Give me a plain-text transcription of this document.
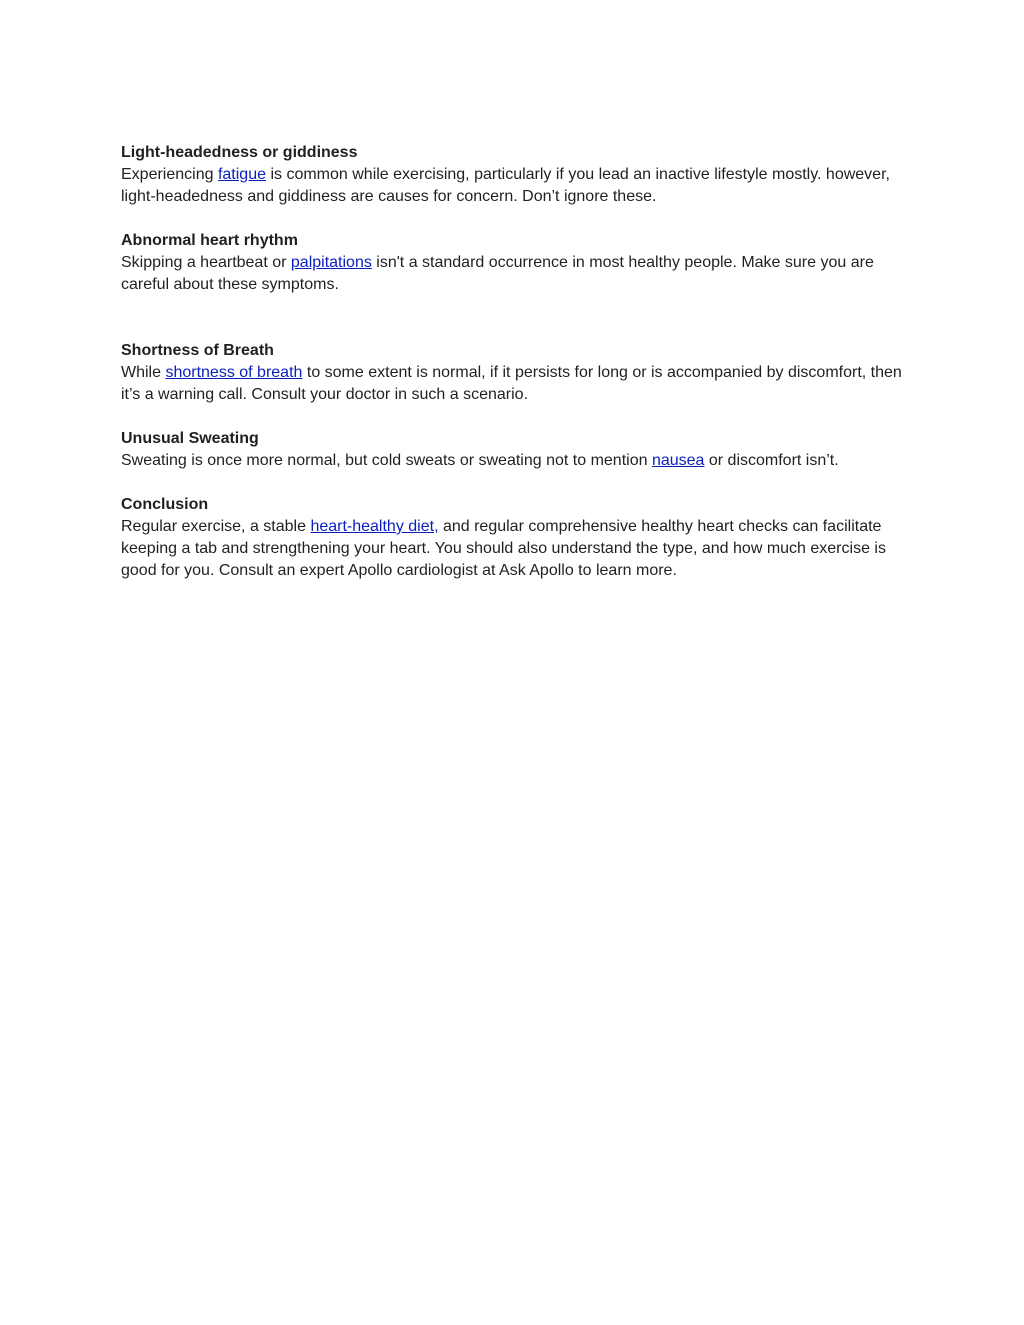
Light-headedness or giddiness

Experiencing fatigue is common while exercising, particularly if you lead an inactive lifestyle mostly. however, light-headedness and giddiness are causes for concern. Don’t ignore these.

Abnormal heart rhythm

Skipping a heartbeat or palpitations isn't a standard occurrence in most healthy people. Make sure you are careful about these symptoms.

Shortness of Breath

While shortness of breath to some extent is normal, if it persists for long or is accompanied by discomfort, then it’s a warning call. Consult your doctor in such a scenario.

Unusual Sweating

Sweating is once more normal, but cold sweats or sweating not to mention nausea or discomfort isn’t.

Conclusion

Regular exercise, a stable heart-healthy diet, and regular comprehensive healthy heart checks can facilitate keeping a tab and strengthening your heart. You should also understand the type, and how much exercise is good for you. Consult an expert Apollo cardiologist at Ask Apollo to learn more.
